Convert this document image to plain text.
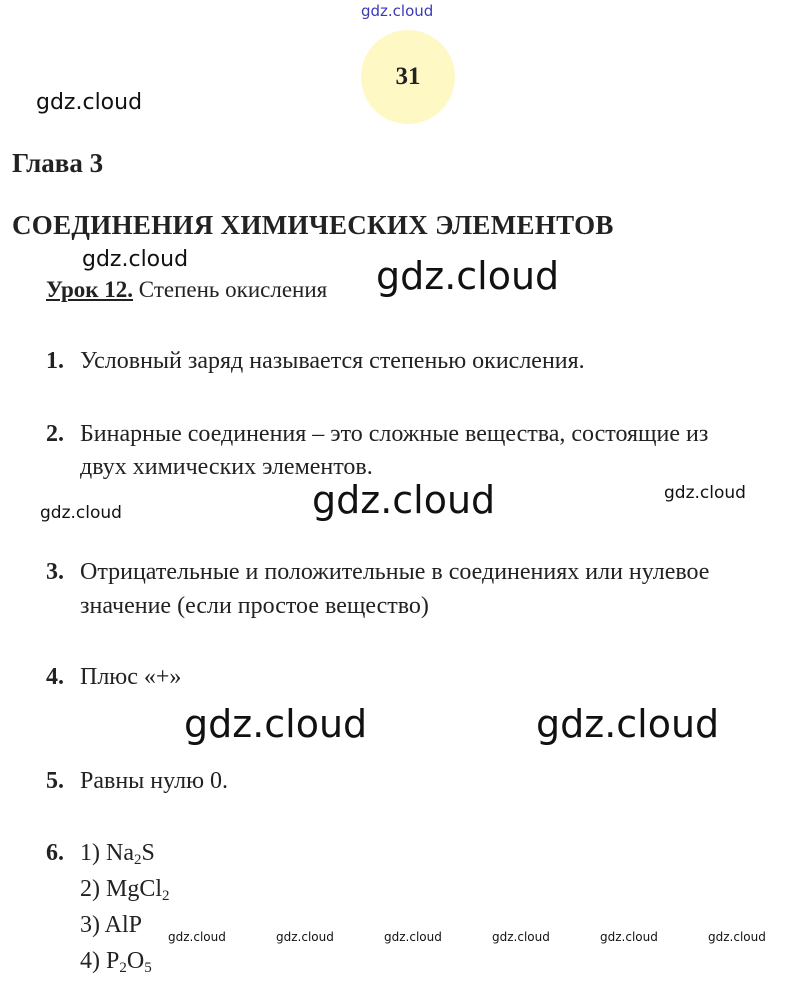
gdz.cloud
gdz.cloud
gdz.cloud	gdz.cloud
gdz.cloud	gdz.cloud
gdz.cloud
gdz.cloud	gdz.cloud
gdz.cloud	gdz.cloud	gdz.cloud	gdz.cloud	gdz.cloud	gdz.cloud
31
Глава 3
СОЕДИНЕНИЯ ХИМИЧЕСКИХ ЭЛЕМЕНТОВ
Урок 12. Степень окисления
1. Условный заряд называется степенью окисления.
2. Бинарные соединения – это сложные вещества, состоящие из
двух химических элементов.
3. Отрицательные и положительные в соединениях или нулевое
значение (если простое вещество)
4. Плюс «+»
5. Равны нулю 0.
6. 1) $Na_2S$
2) MgCl$_2$
3) AlP
4) $P_2O_5$
